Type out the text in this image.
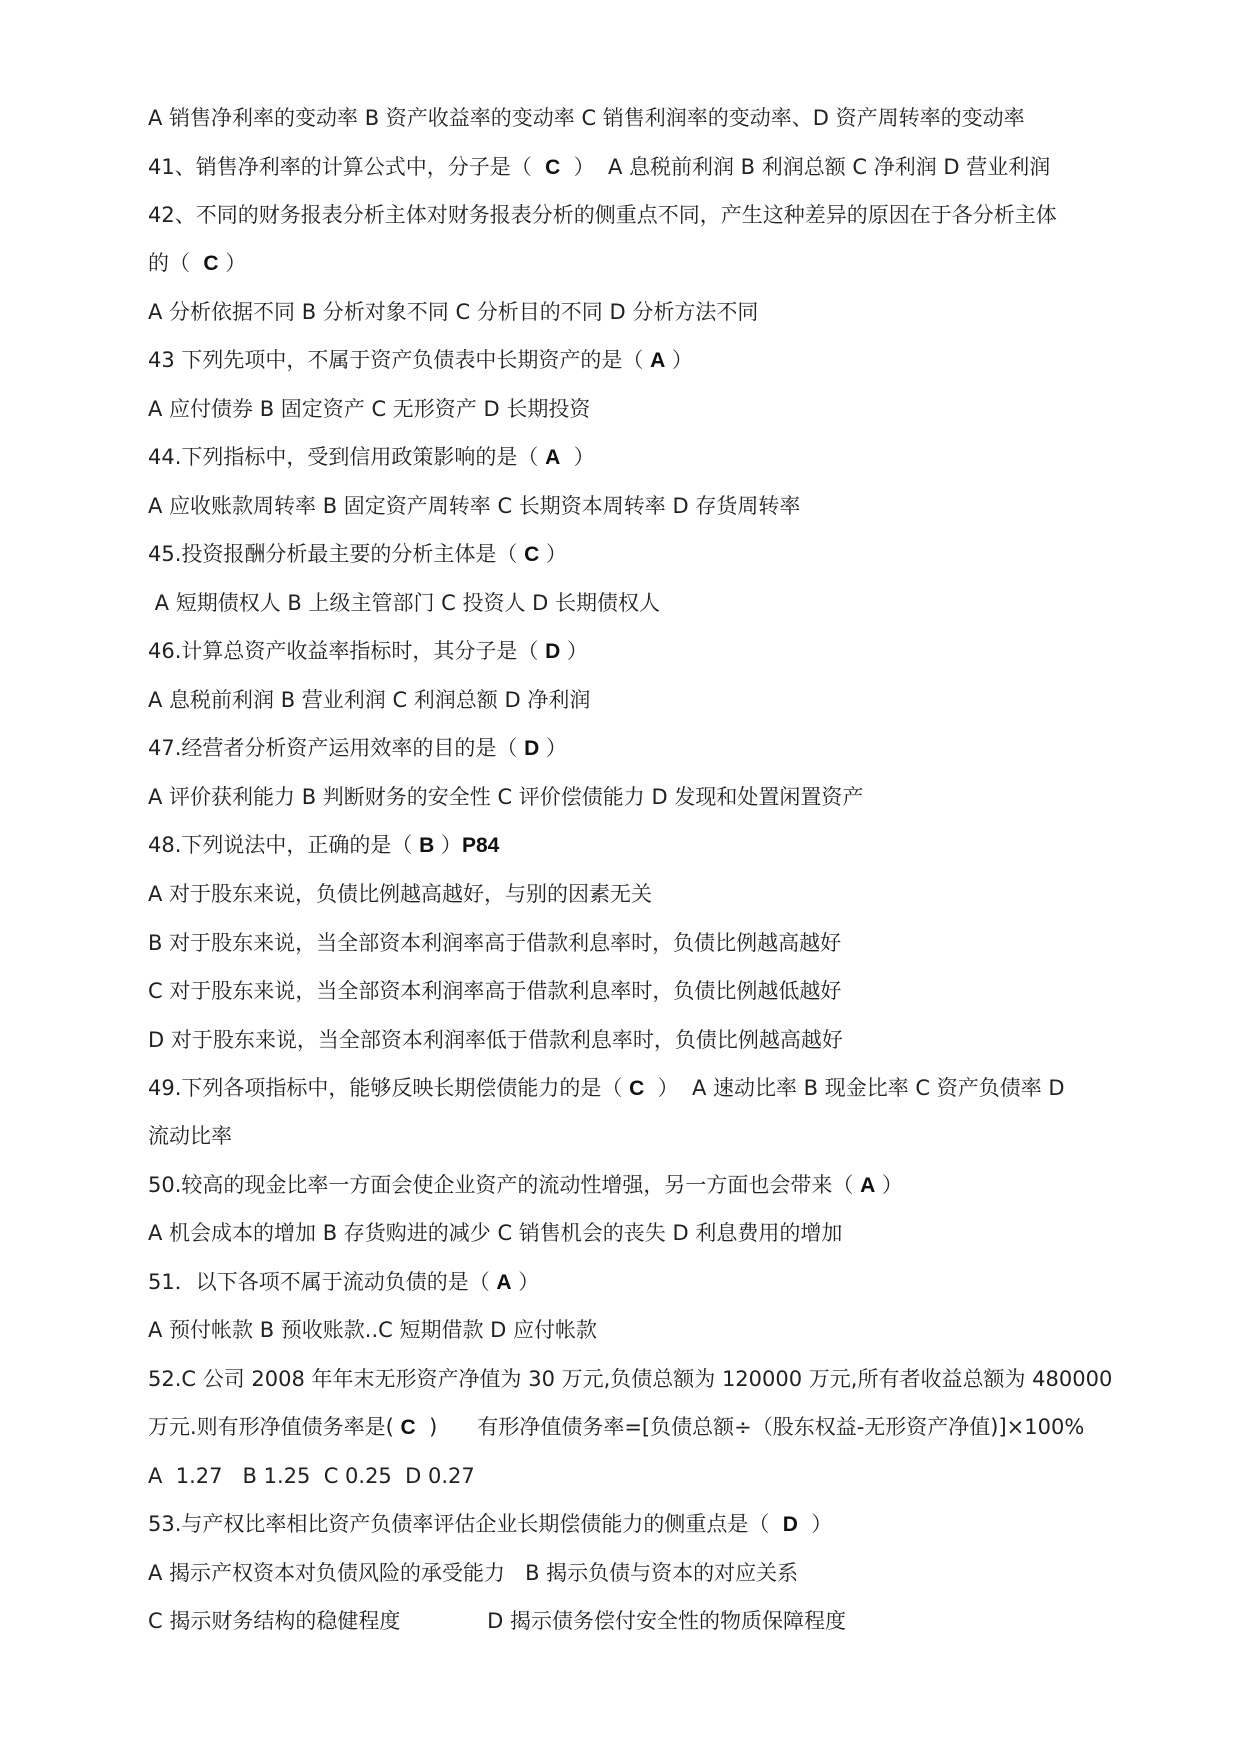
A 销售净利率的变动率 B 资产收益率的变动率 C 销售利润率的变动率、D 资产周转率的变动率
41、销售净利率的计算公式中，分子是（  C  ）  A 息税前利润 B 利润总额 C 净利润 D 营业利润
42、不同的财务报表分析主体对财务报表分析的侧重点不同，产生这种差异的原因在于各分析主体
的（  C ）
A 分析依据不同 B 分析对象不同 C 分析目的不同 D 分析方法不同
43 下列先项中，不属于资产负债表中长期资产的是（ A ）
A 应付债券 B 固定资产 C 无形资产 D 长期投资
44.下列指标中，受到信用政策影响的是（ A  ）
A 应收账款周转率 B 固定资产周转率 C 长期资本周转率 D 存货周转率
45.投资报酬分析最主要的分析主体是（ C ）
A 短期债权人 B 上级主管部门 C 投资人 D 长期债权人
46.计算总资产收益率指标时，其分子是（ D ）
A 息税前利润 B 营业利润 C 利润总额 D 净利润
47.经营者分析资产运用效率的目的是（ D ）
A 评价获利能力 B 判断财务的安全性 C 评价偿债能力 D 发现和处置闲置资产
48.下列说法中，正确的是（ B ）P84
A 对于股东来说，负债比例越高越好，与别的因素无关
B 对于股东来说，当全部资本利润率高于借款利息率时，负债比例越高越好
C 对于股东来说，当全部资本利润率高于借款利息率时，负债比例越低越好
D 对于股东来说，当全部资本利润率低于借款利息率时，负债比例越高越好
49.下列各项指标中，能够反映长期偿债能力的是（ C  ）  A 速动比率 B 现金比率 C 资产负债率 D
流动比率
50.较高的现金比率一方面会使企业资产的流动性增强，另一方面也会带来（ A ）
A 机会成本的增加 B 存货购进的减少 C 销售机会的丧失 D 利息费用的增加
51．以下各项不属于流动负债的是（ A ）
A 预付帐款 B 预收账款..C 短期借款 D 应付帐款
52.C 公司 2008 年年末无形资产净值为 30 万元,负债总额为 120000 万元,所有者收益总额为 480000
万元.则有形净值债务率是( C  )      有形净值债务率=[负债总额÷（股东权益-无形资产净值)]×100%
A  1.27   B 1.25  C 0.25  D 0.27
53.与产权比率相比资产负债率评估企业长期偿债能力的侧重点是（  D  ）
A 揭示产权资本对负债风险的承受能力   B 揭示负债与资本的对应关系
C 揭示财务结构的稳健程度             D 揭示债务偿付安全性的物质保障程度
